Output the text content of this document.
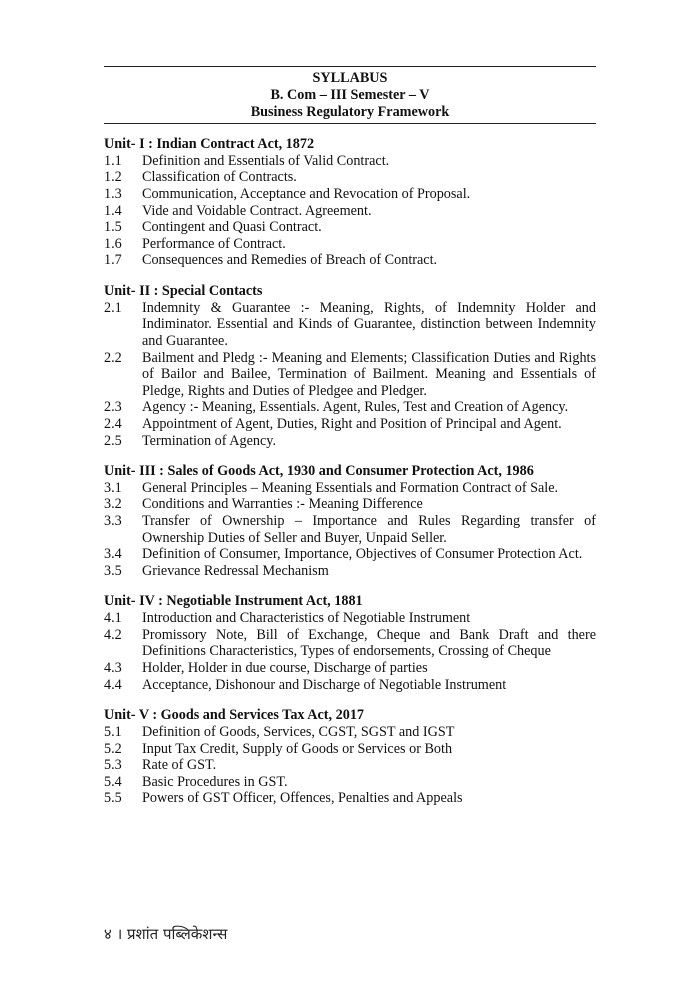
SYLLABUS
B. Com – III Semester – V
Business Regulatory Framework
Unit- I : Indian Contract Act, 1872
1.1	Definition and Essentials of Valid Contract.
1.2	Classification of Contracts.
1.3	Communication, Acceptance and Revocation of Proposal.
1.4	Vide and Voidable Contract. Agreement.
1.5	Contingent and Quasi Contract.
1.6	Performance of Contract.
1.7	Consequences and Remedies of Breach of Contract.
Unit- II : Special Contacts
2.1	Indemnity & Guarantee :- Meaning, Rights, of Indemnity Holder and Indiminator. Essential and Kinds of Guarantee, distinction between Indemnity and Guarantee.
2.2	Bailment and Pledg :- Meaning and Elements; Classification Duties and Rights of Bailor and Bailee, Termination of Bailment. Meaning and Essentials of Pledge, Rights and Duties of Pledgee and Pledger.
2.3	Agency :- Meaning, Essentials. Agent, Rules, Test and Creation of Agency.
2.4	Appointment of Agent, Duties, Right and Position of Principal and Agent.
2.5	Termination of Agency.
Unit- III : Sales of Goods Act, 1930 and Consumer Protection Act, 1986
3.1	General Principles – Meaning Essentials and Formation Contract of Sale.
3.2	Conditions and Warranties :- Meaning Difference
3.3	Transfer of Ownership – Importance and Rules Regarding transfer of Ownership Duties of Seller and Buyer, Unpaid Seller.
3.4	Definition of Consumer, Importance, Objectives of Consumer Protection Act.
3.5	Grievance Redressal Mechanism
Unit- IV : Negotiable Instrument Act, 1881
4.1	Introduction and Characteristics of Negotiable Instrument
4.2	Promissory Note, Bill of Exchange, Cheque and Bank Draft and there Definitions Characteristics, Types of endorsements, Crossing of Cheque
4.3	Holder, Holder in due course, Discharge of parties
4.4	Acceptance, Dishonour and Discharge of Negotiable Instrument
Unit- V : Goods and Services Tax Act, 2017
5.1	Definition of Goods, Services, CGST, SGST and IGST
5.2	Input Tax Credit, Supply of Goods or Services or Both
5.3	Rate of GST.
5.4	Basic Procedures in GST.
5.5	Powers of GST Officer, Offences, Penalties and Appeals
४ । प्रशांत पब्लिकेशन्स
